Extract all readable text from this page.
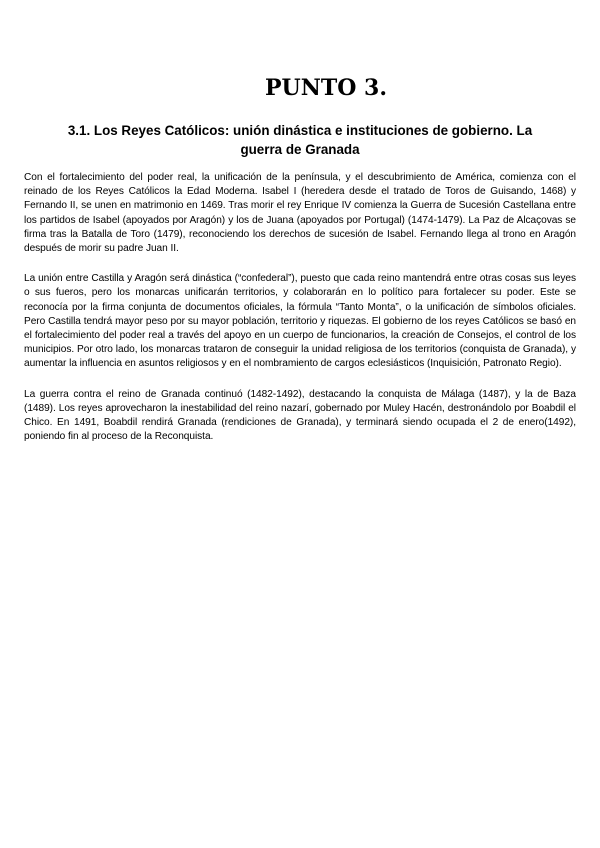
PUNTO 3.
3.1. Los Reyes Católicos: unión dinástica e instituciones de gobierno. La guerra de Granada

Con el fortalecimiento del poder real, la unificación de la península, y el descubrimiento de América, comienza con el reinado de los Reyes Católicos la Edad Moderna. Isabel I (heredera desde el tratado de Toros de Guisando, 1468) y Fernando II, se unen en matrimonio en 1469. Tras morir el rey Enrique IV comienza la Guerra de Sucesión Castellana entre los partidos de Isabel (apoyados por Aragón) y los de Juana (apoyados por Portugal) (1474-1479). La Paz de Alcaçovas se firma tras la Batalla de Toro (1479), reconociendo los derechos de sucesión de Isabel. Fernando llega al trono en Aragón después de morir su padre Juan II.

La unión entre Castilla y Aragón será dinástica (“confederal”), puesto que cada reino mantendrá entre otras cosas sus leyes o sus fueros, pero los monarcas unificarán territorios, y colaborarán en lo político para fortalecer su poder. Este se reconocía por la firma conjunta de documentos oficiales, la fórmula “Tanto Monta”, o la unificación de símbolos oficiales. Pero Castilla tendrá mayor peso por su mayor población, territorio y riquezas. El gobierno de los reyes Católicos se basó en el fortalecimiento del poder real a través del apoyo en un cuerpo de funcionarios, la creación de Consejos, el control de los municipios. Por otro lado, los monarcas trataron de conseguir la unidad religiosa de los territorios (conquista de Granada), y aumentar la influencia en asuntos religiosos y en el nombramiento de cargos eclesiásticos (Inquisición, Patronato Regio).

La guerra contra el reino de Granada continuó (1482-1492), destacando la conquista de Málaga (1487), y la de Baza (1489). Los reyes aprovecharon la inestabilidad del reino nazarí, gobernado por Muley Hacén, destronándolo por Boabdil el Chico. En 1491, Boabdil rendirá Granada (rendiciones de Granada), y terminará siendo ocupada el 2 de enero(1492), poniendo fin al proceso de la Reconquista.
